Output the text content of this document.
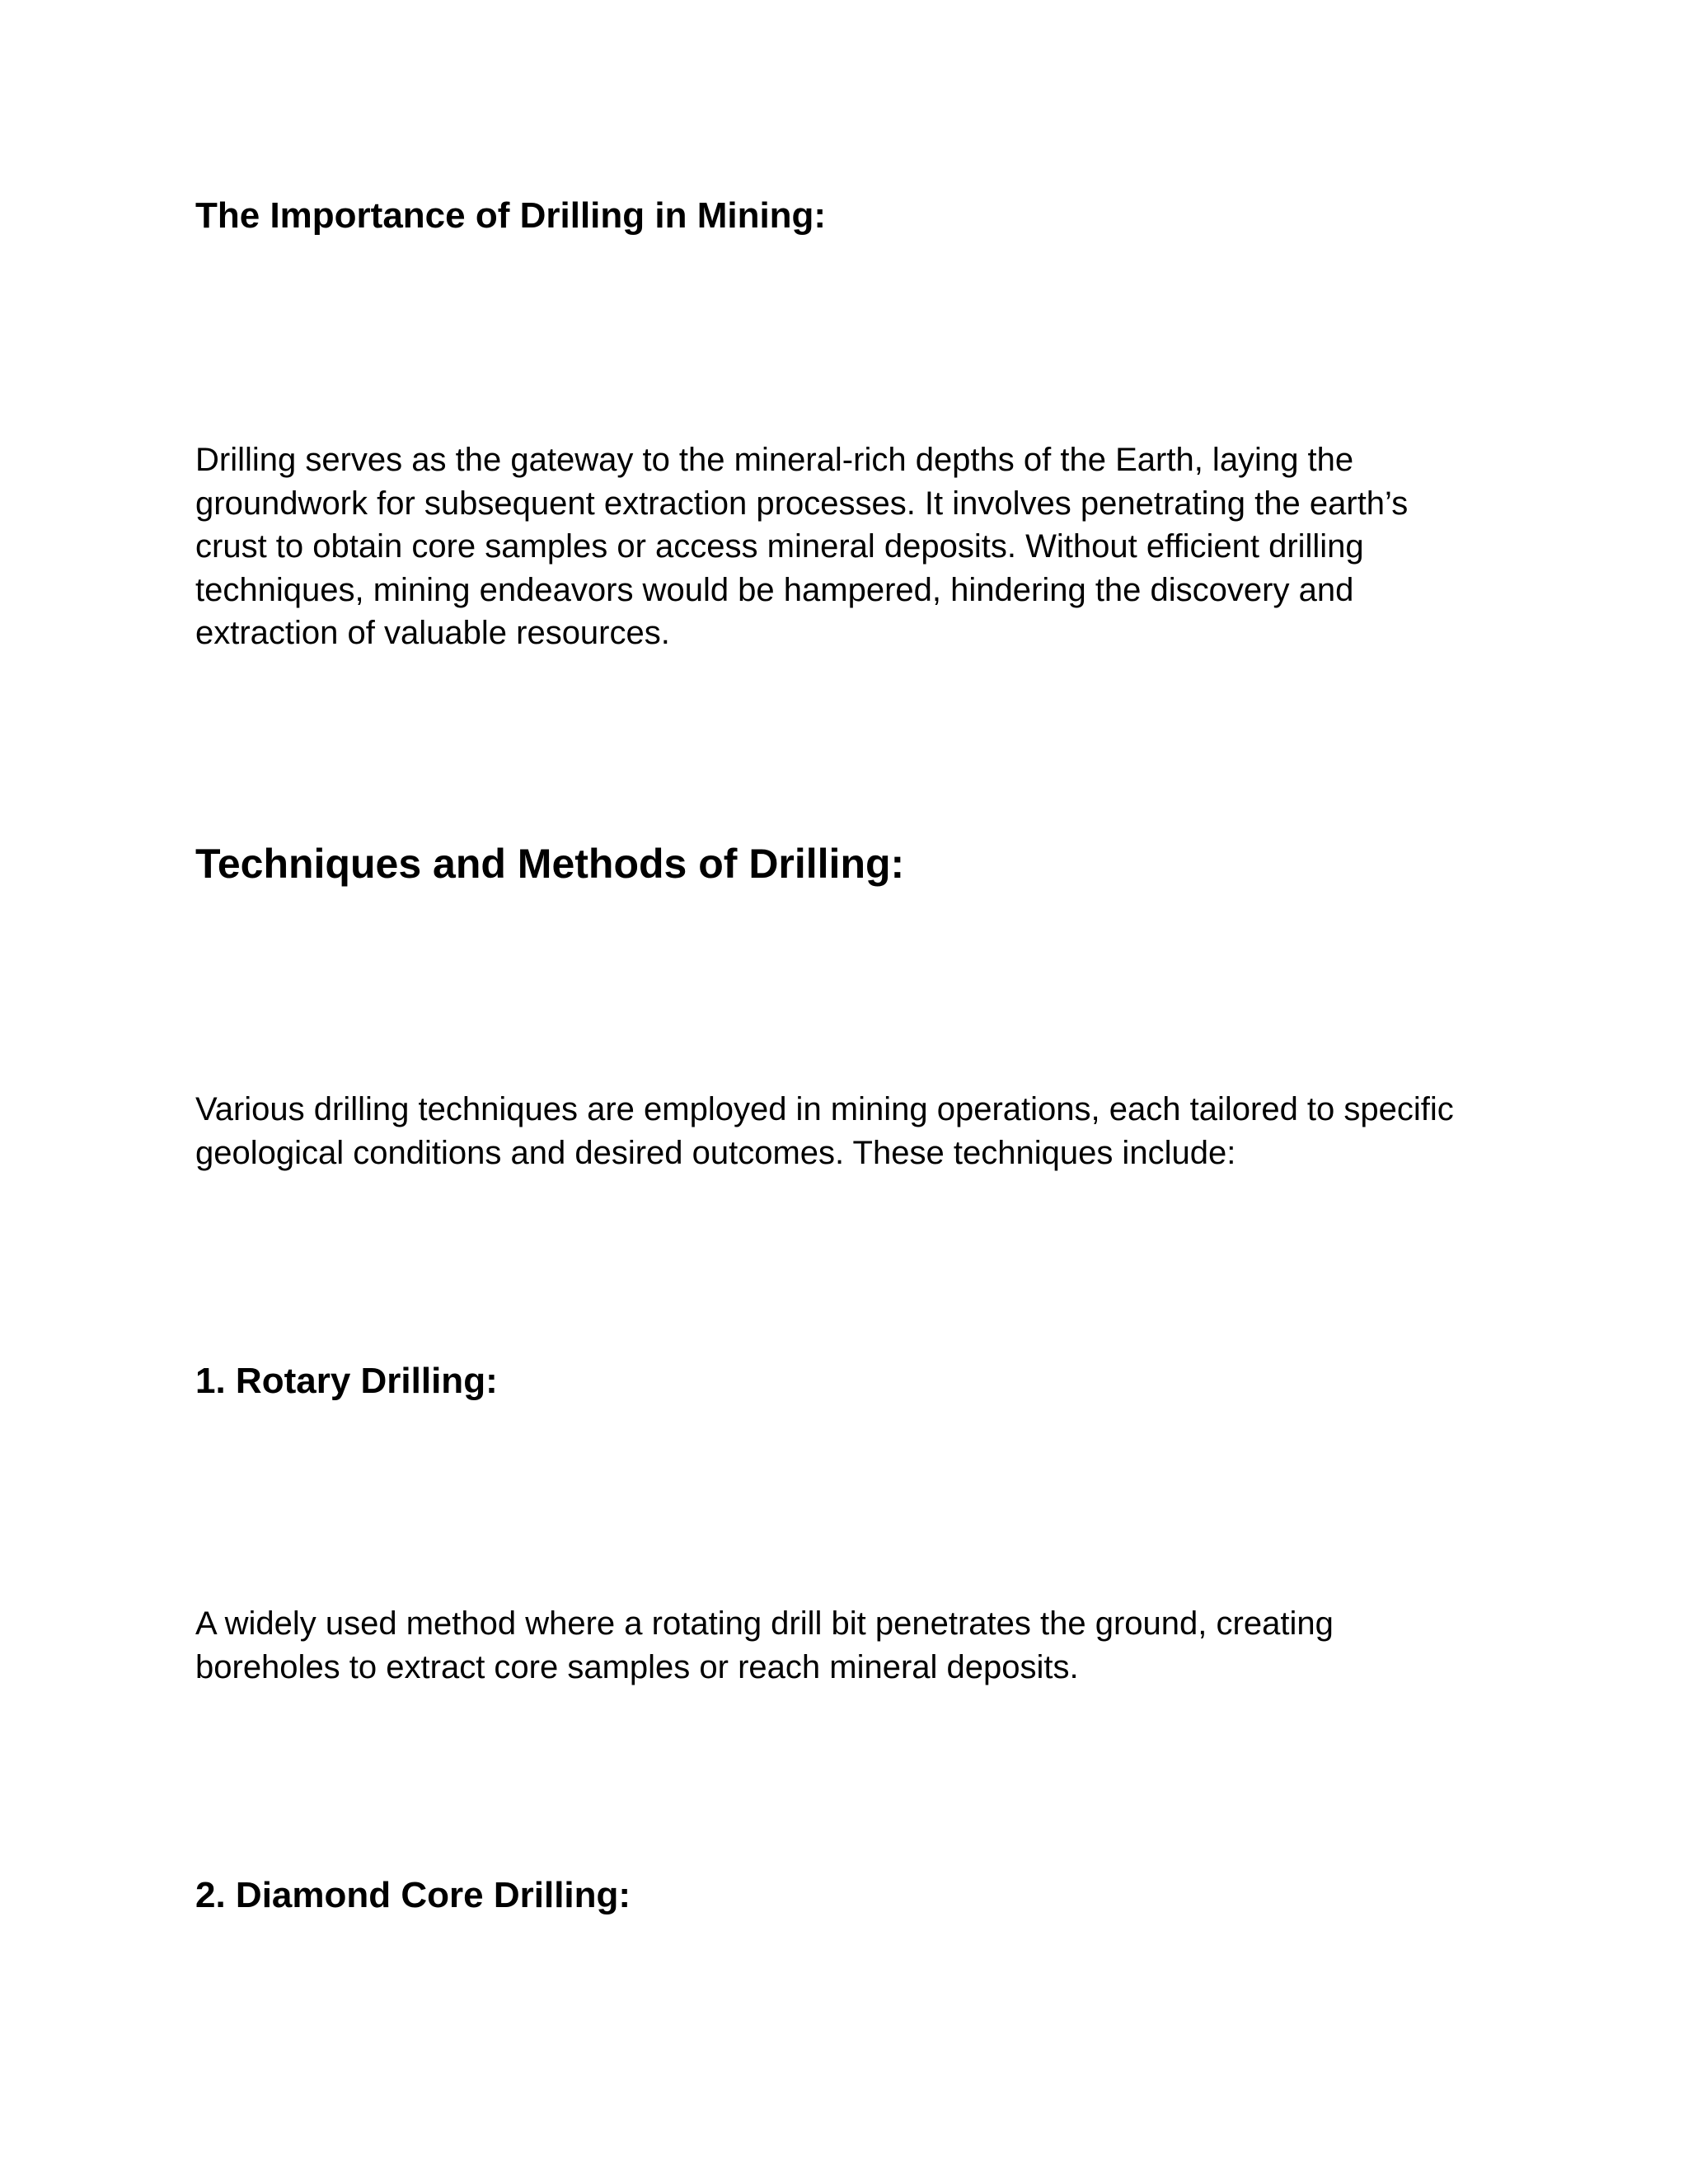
The Importance of Drilling in Mining:

Drilling serves as the gateway to the mineral-rich depths of the Earth, laying the groundwork for subsequent extraction processes. It involves penetrating the earth’s crust to obtain core samples or access mineral deposits. Without efficient drilling techniques, mining endeavors would be hampered, hindering the discovery and extraction of valuable resources.

Techniques and Methods of Drilling:

Various drilling techniques are employed in mining operations, each tailored to specific geological conditions and desired outcomes. These techniques include:

1. Rotary Drilling:

A widely used method where a rotating drill bit penetrates the ground, creating boreholes to extract core samples or reach mineral deposits.

2. Diamond Core Drilling:
